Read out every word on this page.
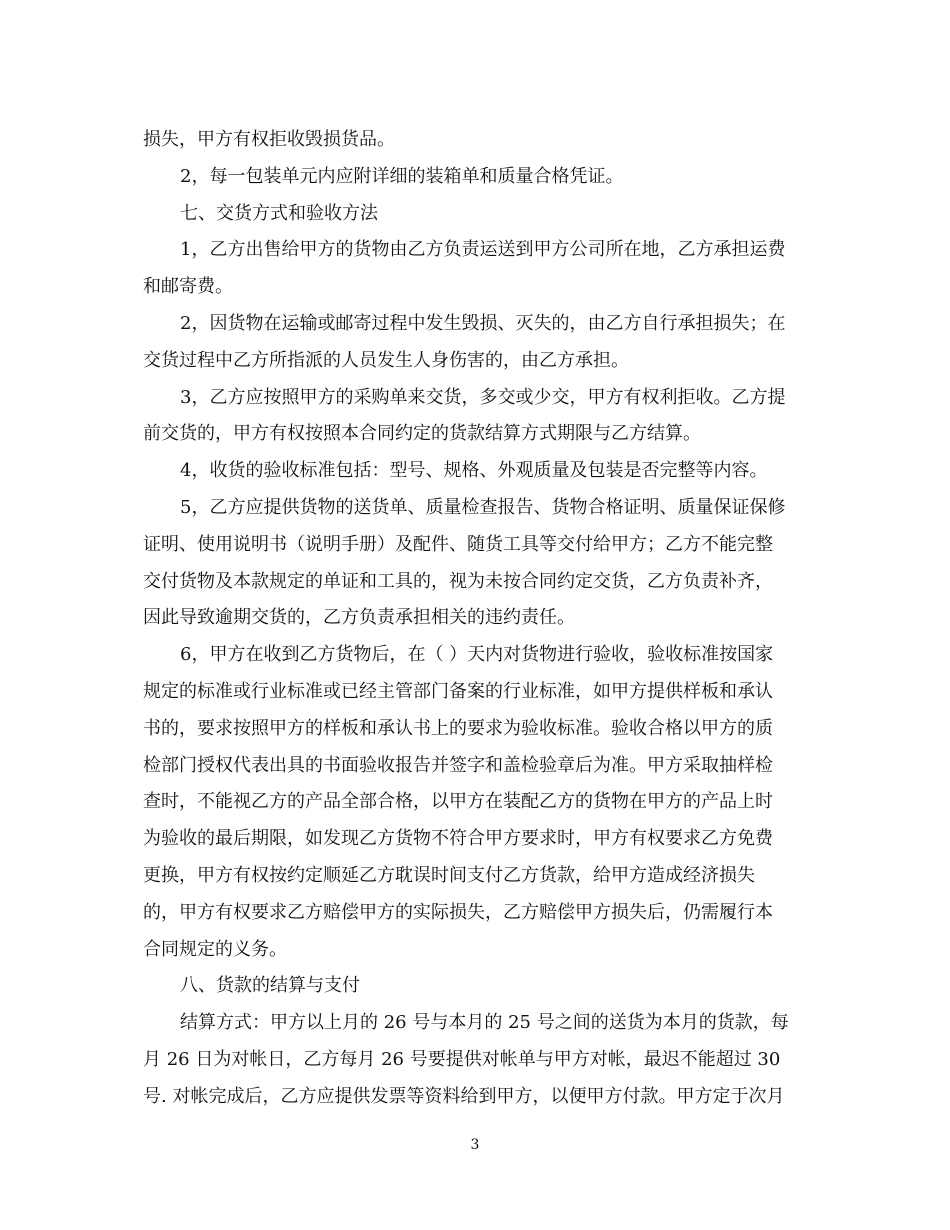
损失，甲方有权拒收毁损货品。
2，每一包装单元内应附详细的装箱单和质量合格凭证。
七、交货方式和验收方法
1，乙方出售给甲方的货物由乙方负责运送到甲方公司所在地，乙方承担运费
和邮寄费。
2，因货物在运输或邮寄过程中发生毁损、灭失的，由乙方自行承担损失；在
交货过程中乙方所指派的人员发生人身伤害的，由乙方承担。
3，乙方应按照甲方的采购单来交货，多交或少交，甲方有权利拒收。乙方提
前交货的，甲方有权按照本合同约定的货款结算方式期限与乙方结算。
4，收货的验收标准包括：型号、规格、外观质量及包装是否完整等内容。
5，乙方应提供货物的送货单、质量检查报告、货物合格证明、质量保证保修
证明、使用说明书（说明手册）及配件、随货工具等交付给甲方；乙方不能完整
交付货物及本款规定的单证和工具的，视为未按合同约定交货，乙方负责补齐，
因此导致逾期交货的，乙方负责承担相关的违约责任。
6，甲方在收到乙方货物后，在（ ）天内对货物进行验收，验收标准按国家
规定的标准或行业标准或已经主管部门备案的行业标准，如甲方提供样板和承认
书的，要求按照甲方的样板和承认书上的要求为验收标准。验收合格以甲方的质
检部门授权代表出具的书面验收报告并签字和盖检验章后为准。甲方采取抽样检
查时，不能视乙方的产品全部合格，以甲方在装配乙方的货物在甲方的产品上时
为验收的最后期限，如发现乙方货物不符合甲方要求时，甲方有权要求乙方免费
更换，甲方有权按约定顺延乙方耽误时间支付乙方货款，给甲方造成经济损失
的，甲方有权要求乙方赔偿甲方的实际损失，乙方赔偿甲方损失后，仍需履行本
合同规定的义务。
八、货款的结算与支付
结算方式：甲方以上月的 26 号与本月的 25 号之间的送货为本月的货款，每
月 26 日为对帐日，乙方每月 26 号要提供对帐单与甲方对帐，最迟不能超过 30
号. 对帐完成后，乙方应提供发票等资料给到甲方，以便甲方付款。甲方定于次月
3
